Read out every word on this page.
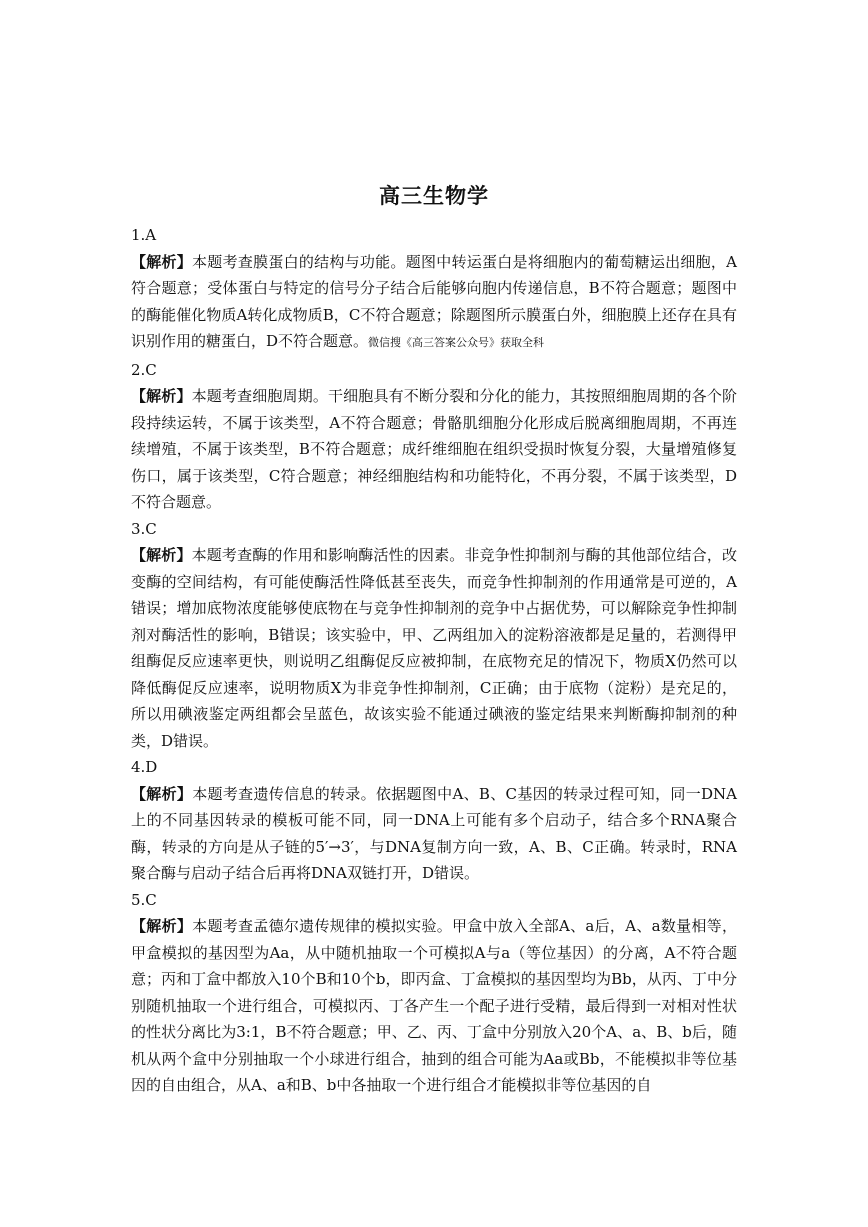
高三生物学

1.A

【解析】本题考查膜蛋白的结构与功能。题图中转运蛋白是将细胞内的葡萄糖运出细胞，A符合题意；受体蛋白与特定的信号分子结合后能够向胞内传递信息，B不符合题意；题图中的酶能催化物质A转化成物质B，C不符合题意；除题图所示膜蛋白外，细胞膜上还存在具有识别作用的糖蛋白，D不符合题意。微信搜《高三答案公众号》获取全科

2.C

【解析】本题考查细胞周期。干细胞具有不断分裂和分化的能力，其按照细胞周期的各个阶段持续运转，不属于该类型，A不符合题意；骨骼肌细胞分化形成后脱离细胞周期，不再连续增殖，不属于该类型，B不符合题意；成纤维细胞在组织受损时恢复分裂，大量增殖修复伤口，属于该类型，C符合题意；神经细胞结构和功能特化，不再分裂，不属于该类型，D不符合题意。

3.C

【解析】本题考查酶的作用和影响酶活性的因素。非竞争性抑制剂与酶的其他部位结合，改变酶的空间结构，有可能使酶活性降低甚至丧失，而竞争性抑制剂的作用通常是可逆的，A错误；增加底物浓度能够使底物在与竞争性抑制剂的竞争中占据优势，可以解除竞争性抑制剂对酶活性的影响，B错误；该实验中，甲、乙两组加入的淀粉溶液都是足量的，若测得甲组酶促反应速率更快，则说明乙组酶促反应被抑制，在底物充足的情况下，物质X仍然可以降低酶促反应速率，说明物质X为非竞争性抑制剂，C正确；由于底物（淀粉）是充足的，所以用碘液鉴定两组都会呈蓝色，故该实验不能通过碘液的鉴定结果来判断酶抑制剂的种类，D错误。

4.D

【解析】本题考查遗传信息的转录。依据题图中A、B、C基因的转录过程可知，同一DNA上的不同基因转录的模板可能不同，同一DNA上可能有多个启动子，结合多个RNA聚合酶，转录的方向是从子链的5′→3′，与DNA复制方向一致，A、B、C正确。转录时，RNA聚合酶与启动子结合后再将DNA双链打开，D错误。

5.C

【解析】本题考查孟德尔遗传规律的模拟实验。甲盒中放入全部A、a后，A、a数量相等，甲盒模拟的基因型为Aa，从中随机抽取一个可模拟A与a（等位基因）的分离，A不符合题意；丙和丁盒中都放入10个B和10个b，即丙盒、丁盒模拟的基因型均为Bb，从丙、丁中分别随机抽取一个进行组合，可模拟丙、丁各产生一个配子进行受精，最后得到一对相对性状的性状分离比为3:1，B不符合题意；甲、乙、丙、丁盒中分别放入20个A、a、B、b后，随机从两个盒中分别抽取一个小球进行组合，抽到的组合可能为Aa或Bb，不能模拟非等位基因的自由组合，从A、a和B、b中各抽取一个进行组合才能模拟非等位基因的自
